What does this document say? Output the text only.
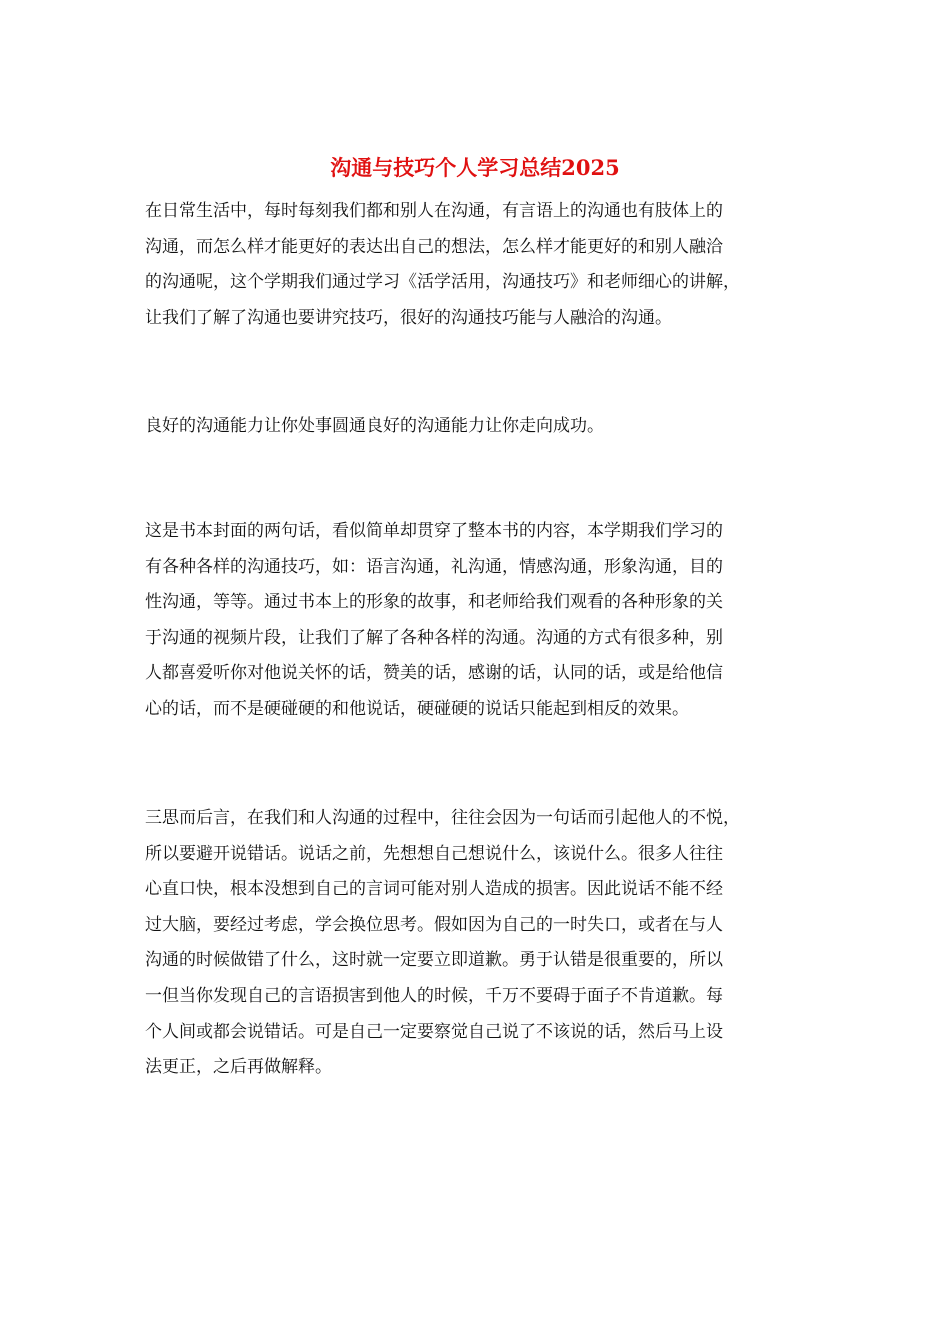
沟通与技巧个人学习总结2025

在日常生活中，每时每刻我们都和别人在沟通，有言语上的沟通也有肢体上的
沟通，而怎么样才能更好的表达出自己的想法，怎么样才能更好的和别人融洽
的沟通呢，这个学期我们通过学习《活学活用，沟通技巧》和老师细心的讲解，
让我们了解了沟通也要讲究技巧，很好的沟通技巧能与人融洽的沟通。

良好的沟通能力让你处事圆通良好的沟通能力让你走向成功。

这是书本封面的两句话，看似简单却贯穿了整本书的内容，本学期我们学习的
有各种各样的沟通技巧，如：语言沟通，礼沟通，情感沟通，形象沟通，目的
性沟通，等等。通过书本上的形象的故事，和老师给我们观看的各种形象的关
于沟通的视频片段，让我们了解了各种各样的沟通。沟通的方式有很多种，别
人都喜爱听你对他说关怀的话，赞美的话，感谢的话，认同的话，或是给他信
心的话，而不是硬碰硬的和他说话，硬碰硬的说话只能起到相反的效果。

三思而后言，在我们和人沟通的过程中，往往会因为一句话而引起他人的不悦，
所以要避开说错话。说话之前，先想想自己想说什么，该说什么。很多人往往
心直口快，根本没想到自己的言词可能对别人造成的损害。因此说话不能不经
过大脑，要经过考虑，学会换位思考。假如因为自己的一时失口，或者在与人
沟通的时候做错了什么，这时就一定要立即道歉。勇于认错是很重要的，所以
一但当你发现自己的言语损害到他人的时候，千万不要碍于面子不肯道歉。每
个人间或都会说错话。可是自己一定要察觉自己说了不该说的话，然后马上设
法更正，之后再做解释。
